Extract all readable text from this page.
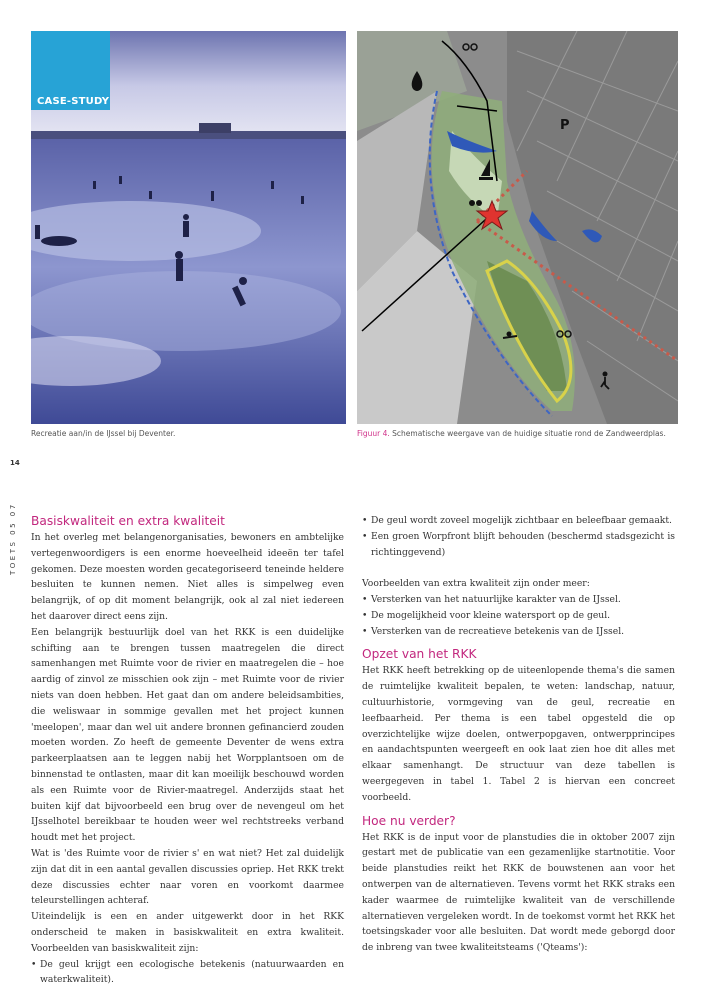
CASE-STUDY
P
Recreatie aan/in de IJssel bij Deventer.	Figuur 4. Schematische weergave van de huidige situatie rond de Zandweerdplas.
14
TOETS 05 07 Basiskwaliteit en extra kwaliteit

In het overleg met belangenorganisaties, bewoners en ambtelijke vertegenwoordigers is een enorme hoeveelheid ideeën ter tafel gekomen. Deze moesten worden gecategoriseerd teneinde heldere besluiten te kunnen nemen. Niet alles is simpelweg even belangrijk, of op dit moment belangrijk, ook al zal niet iedereen het daarover direct eens zijn.

Een belangrijk bestuurlijk doel van het RKK is een duidelijke schifting aan te brengen tussen maatregelen die direct samenhangen met Ruimte voor de rivier en maatregelen die – hoe aardig of zinvol ze misschien ook zijn – met Ruimte voor de rivier niets van doen hebben. Het gaat dan om andere beleidsambities, die weliswaar in sommige gevallen met het project kunnen 'meelopen', maar dan wel uit andere bronnen gefinancierd zouden moeten worden. Zo heeft de gemeente Deventer de wens extra parkeerplaatsen aan te leggen nabij het Worpplantsoen om de binnenstad te ontlasten, maar dit kan moeilijk beschouwd worden als een Ruimte voor de Rivier-maatregel. Anderzijds staat het buiten kijf dat bijvoorbeeld een brug over de nevengeul om het IJsselhotel bereikbaar te houden weer wel rechtstreeks verband houdt met het project.

Wat is 'des Ruimte voor de rivier s' en wat niet? Het zal duidelijk zijn dat dit in een aantal gevallen discussies opriep. Het RKK trekt deze discussies echter naar voren en voorkomt daarmee teleurstellingen achteraf.

Uiteindelijk is een en ander uitgewerkt door in het RKK onderscheid te maken in basiskwaliteit en extra kwaliteit. Voorbeelden van basiskwaliteit zijn:

• De geul krijgt een ecologische betekenis (natuurwaarden en waterkwaliteit).
• De geul wordt zoveel mogelijk zichtbaar en beleefbaar gemaakt.
• Een groen Worpfront blijft behouden (beschermd stadsgezicht is richtinggevend)

Voorbeelden van extra kwaliteit zijn onder meer:

• Versterken van het natuurlijke karakter van de IJssel.
• De mogelijkheid voor kleine watersport op de geul.
• Versterken van de recreatieve betekenis van de IJssel.
Opzet van het RKK

Het RKK heeft betrekking op de uiteenlopende thema's die samen de ruimtelijke kwaliteit bepalen, te weten: landschap, natuur, cultuurhistorie, vormgeving van de geul, recreatie en leefbaarheid. Per thema is een tabel opgesteld die op overzichtelijke wijze doelen, ontwerpopgaven, ontwerpprincipes en aandachtspunten weergeeft en ook laat zien hoe dit alles met elkaar samenhangt. De structuur van deze tabellen is weergegeven in tabel 1. Tabel 2 is hiervan een concreet voorbeeld.

Hoe nu verder?

Het RKK is de input voor de planstudies die in oktober 2007 zijn gestart met de publicatie van een gezamenlijke startnotitie. Voor beide planstudies reikt het RKK de bouwstenen aan voor het ontwerpen van de alternatieven. Tevens vormt het RKK straks een kader waarmee de ruimtelijke kwaliteit van de verschillende alternatieven vergeleken wordt. In de toekomst vormt het RKK het toetsingskader voor alle besluiten. Dat wordt mede geborgd door de inbreng van twee kwaliteitsteams ('Qteams'):
